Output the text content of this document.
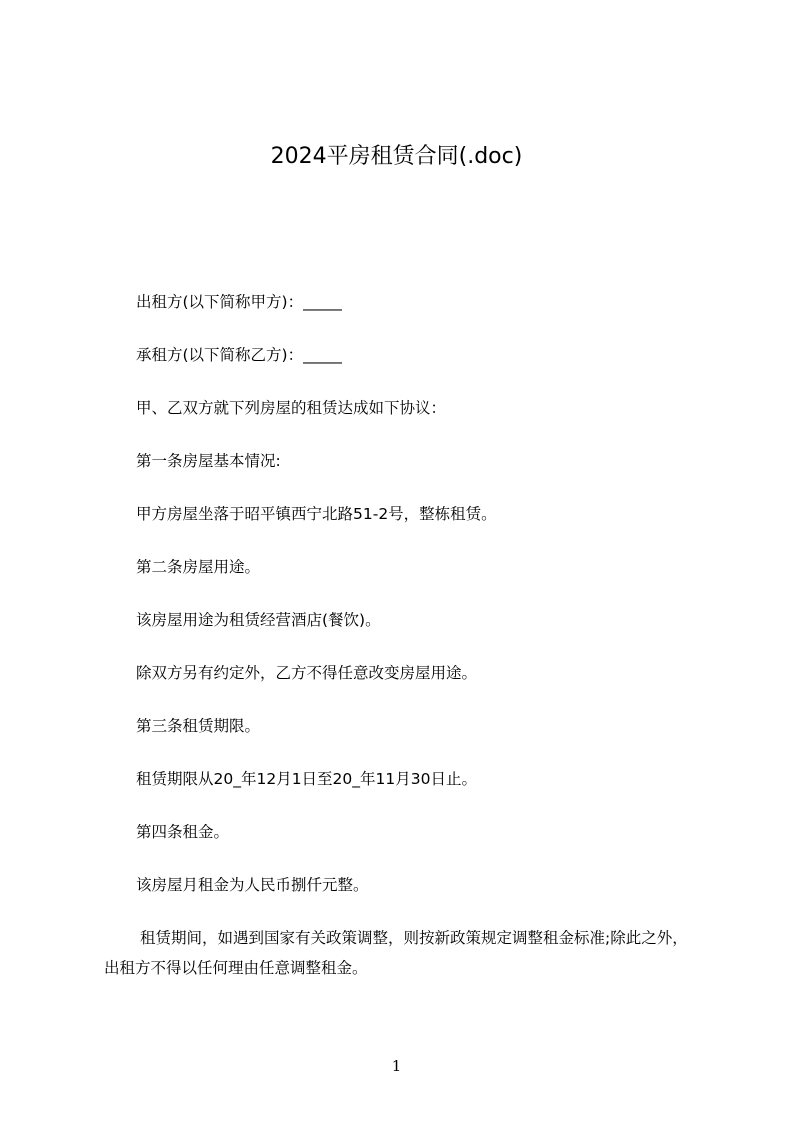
2024平房租赁合同(.doc)
出租方(以下简称甲方)：_____
承租方(以下简称乙方)：_____
甲、乙双方就下列房屋的租赁达成如下协议：
第一条房屋基本情况:
甲方房屋坐落于昭平镇西宁北路51-2号，整栋租赁。
第二条房屋用途。
该房屋用途为租赁经营酒店(餐饮)。
除双方另有约定外，乙方不得任意改变房屋用途。
第三条租赁期限。
租赁期限从20_年12月1日至20_年11月30日止。
第四条租金。
该房屋月租金为人民币捌仟元整。
租赁期间，如遇到国家有关政策调整，则按新政策规定调整租金标准;除此之外，
出租方不得以任何理由任意调整租金。
1
